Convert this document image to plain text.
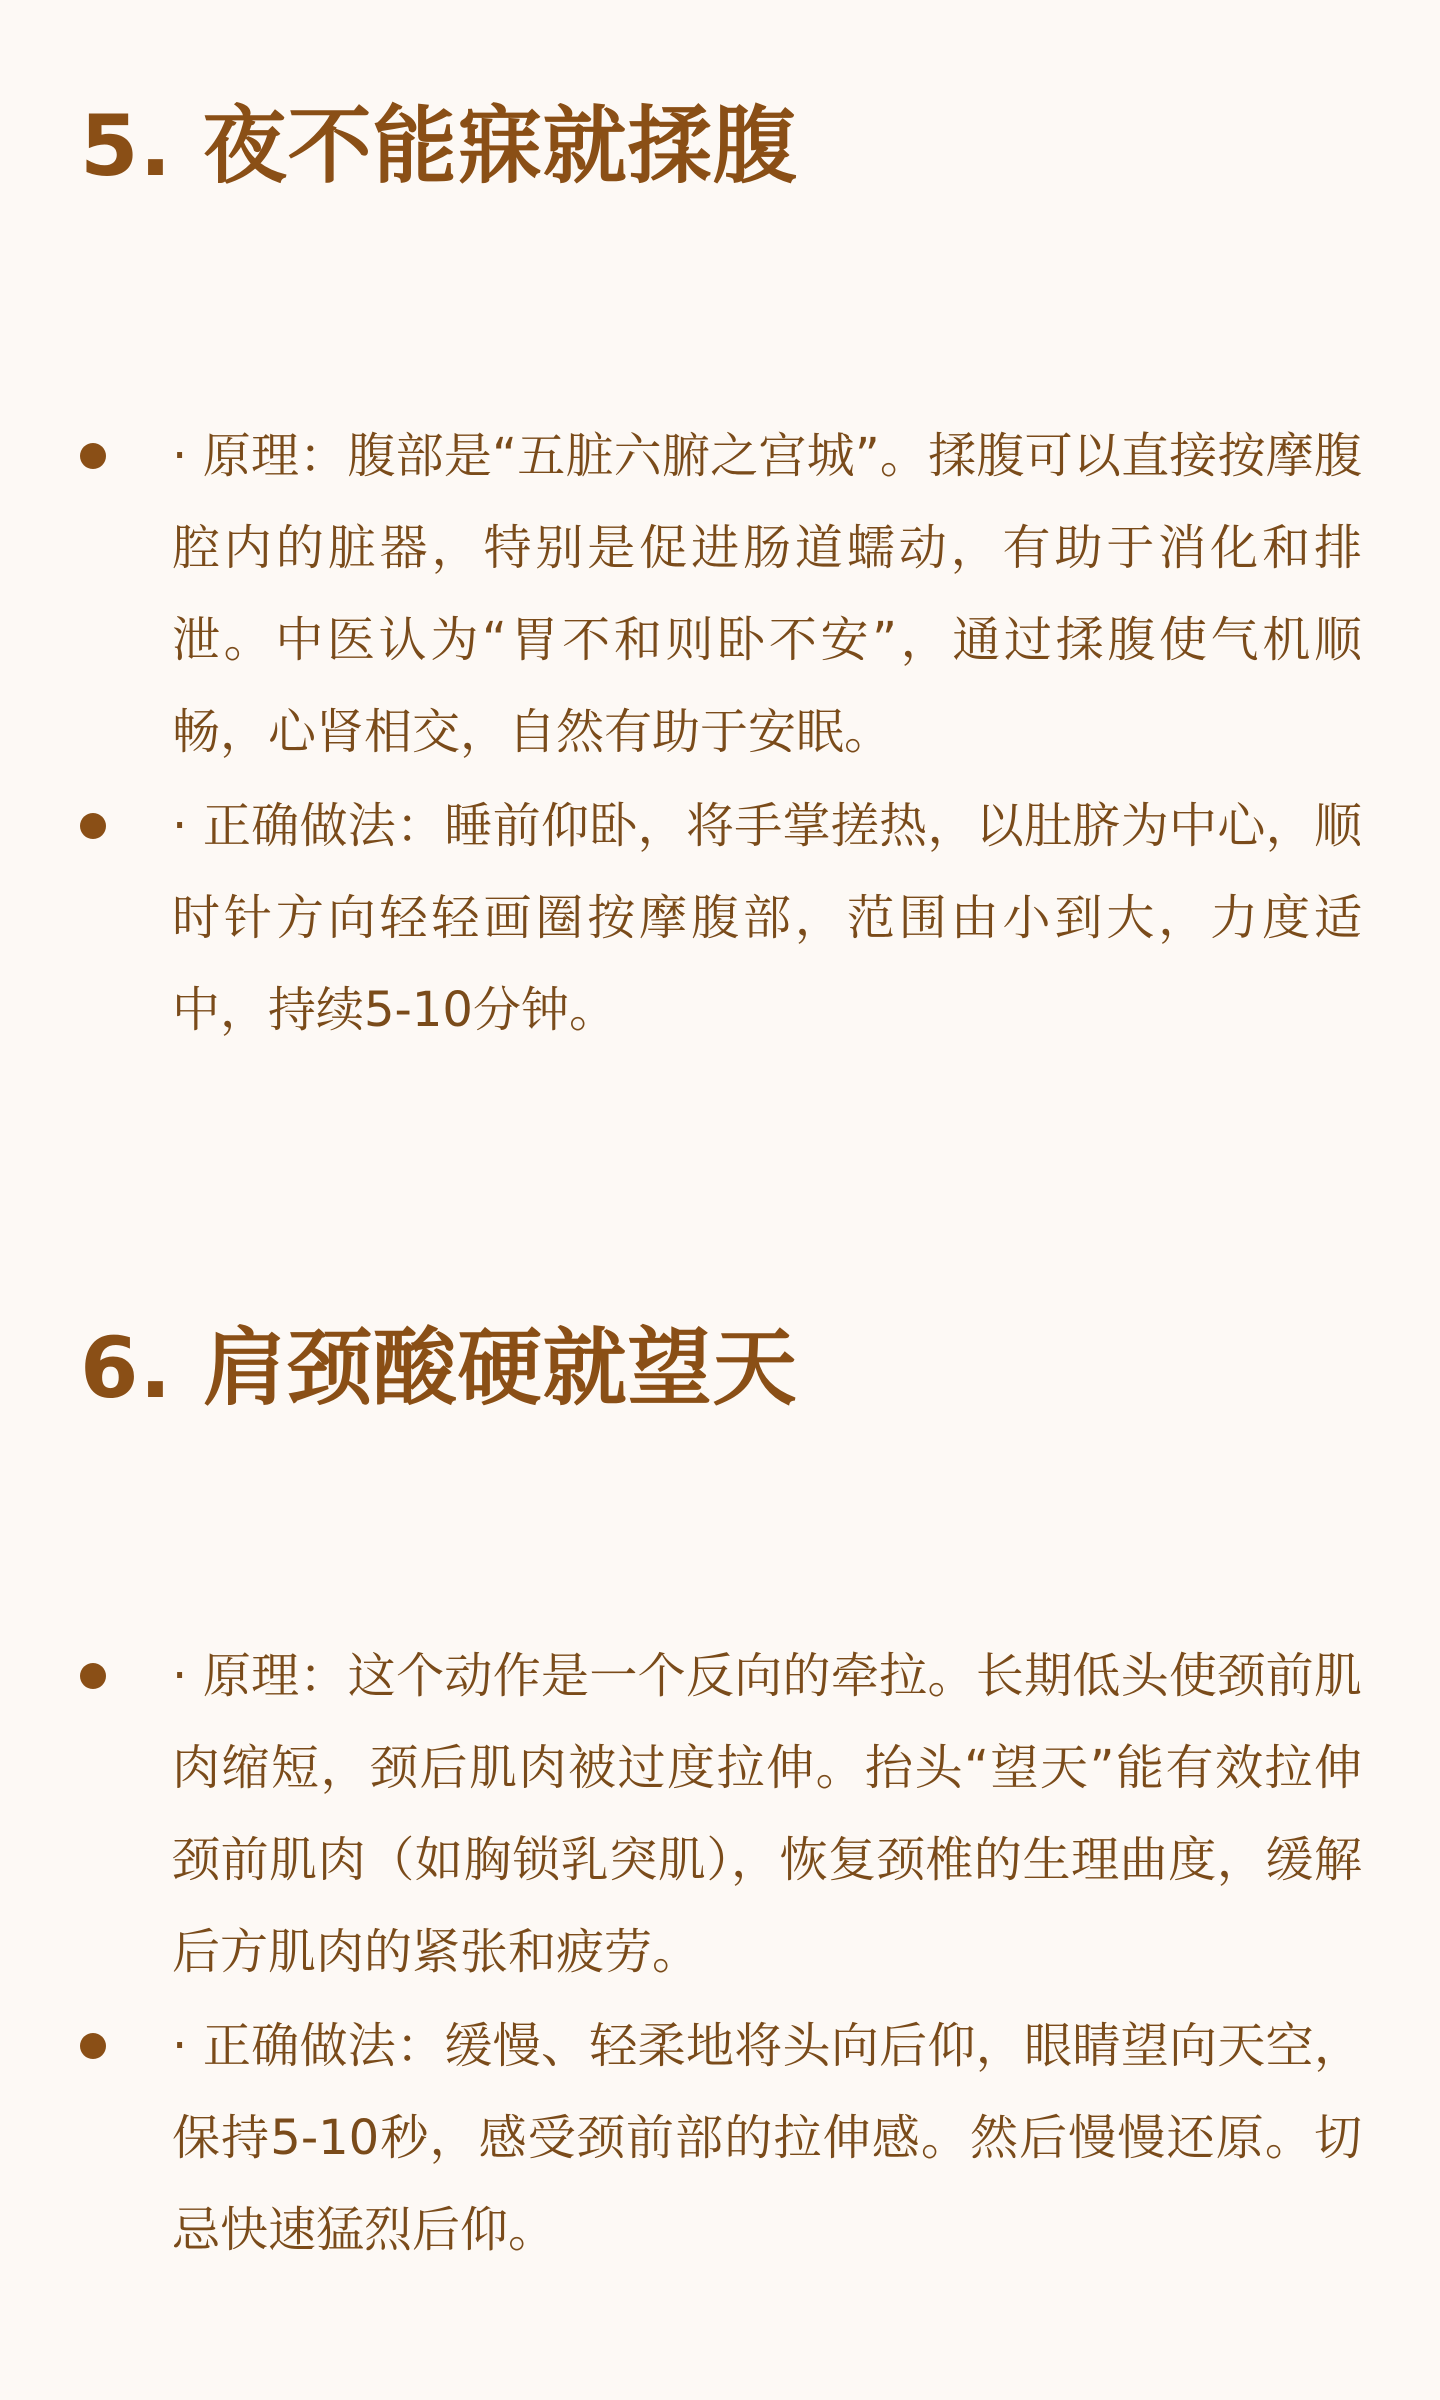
5. 夜不能寐就揉腹
· 原理：腹部是“五脏六腑之宫城”。揉腹可以直接按摩腹腔内的脏器，特别是促进肠道蠕动，有助于消化和排泄。中医认为“胃不和则卧不安”，通过揉腹使气机顺畅，心肾相交，自然有助于安眠。
· 正确做法：睡前仰卧，将手掌搓热，以肚脐为中心，顺时针方向轻轻画圈按摩腹部，范围由小到大，力度适中，持续5-10分钟。
6. 肩颈酸硬就望天
· 原理：这个动作是一个反向的牵拉。长期低头使颈前肌肉缩短，颈后肌肉被过度拉伸。抬头“望天”能有效拉伸颈前肌肉（如胸锁乳突肌），恢复颈椎的生理曲度，缓解后方肌肉的紧张和疲劳。
· 正确做法：缓慢、轻柔地将头向后仰，眼睛望向天空，保持5-10秒，感受颈前部的拉伸感。然后慢慢还原。切忌快速猛烈后仰。
